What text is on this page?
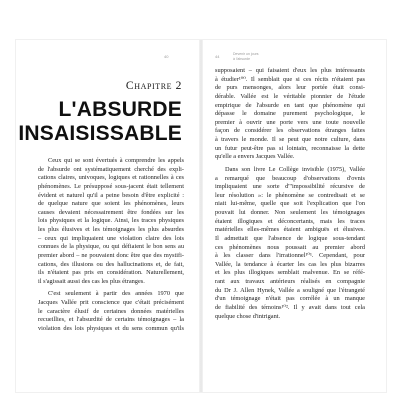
40
Chapitre 2
L'ABSURDE
INSAISISSABLE
Ceux qui se sont évertués à comprendre les appels
de l'absurde ont systématiquement cherché des expli-
cations claires, univoques, logiques et rationnelles à ces
phénomènes. Le présupposé sous-jacent était tellement
évident et naturel qu'il a peine besoin d'être explicité :
de quelque nature que soient les phénomènes, leurs
causes devaient nécessairement être fondées sur les
lois physiques et la logique. Ainsi, les traces physiques
les plus élusives et les témoignages les plus absurdes
– ceux qui impliquaient une violation claire des lois
connues de la physique, ou qui défiaient le bon sens au
premier abord – ne pouvaient donc être que des mystifi-
cations, des illusions ou des hallucinations et, de fait,
ils n'étaient pas pris en considération. Naturellement,
il s'agissait aussi des cas les plus étranges.
C'est seulement à partir des années 1970 que
Jacques Vallée prit conscience que c'était précisément
le caractère élusif de certaines données matérielles
recueillies, et l'absurdité de certains témoignages – la
violation des lois physiques et du sens commun qu'ils
44	Devenir un jours
à l'absurde
supposaient – qui faisaient d'eux les plus intéressants
à étudier¹⁰⁰. Il semblait que si ces récits n'étaient pas
de purs mensonges, alors leur portée était consi-
dérable. Vallée est le véritable pionnier de l'étude
empirique de l'absurde en tant que phénomène qui
dépasse le domaine purement psychologique, le
premier à ouvrir une porte vers une toute nouvelle
façon de considérer les observations étranges faites
à travers le monde. Il se peut que notre culture, dans
un futur peut-être pas si lointain, reconnaisse la dette
qu'elle a envers Jacques Vallée.
Dans son livre Le Collège invisible (1975), Vallée
a remarqué que beaucoup d'observations d'ovnis
impliquaient une sorte d'"impossibilité récursive de
leur résolution »: le phénomène se contredisait et se
niait lui-même, quelle que soit l'explication que l'on
pouvait lui donner. Non seulement les témoignages
étaient illogiques et déconcertants, mais les traces
matérielles elles-mêmes étaient ambiguës et élusives.
Il admettait que l'absence de logique sous-tendant
ces phénomènes nous poussait au premier abord
à les classer dans l'irrationnel¹⁰¹. Cependant, pour
Vallée, la tendance à écarter les cas les plus bizarres
et les plus illogiques semblait malvenue. En se réfé-
rant aux travaux antérieurs réalisés en compagnie
du Dr J. Allen Hynek, Vallée a souligné que l'étrangeté
d'un témoignage n'était pas corrélée à un manque
de fiabilité des témoins¹⁰². Il y avait dans tout cela
quelque chose d'intrigant.
